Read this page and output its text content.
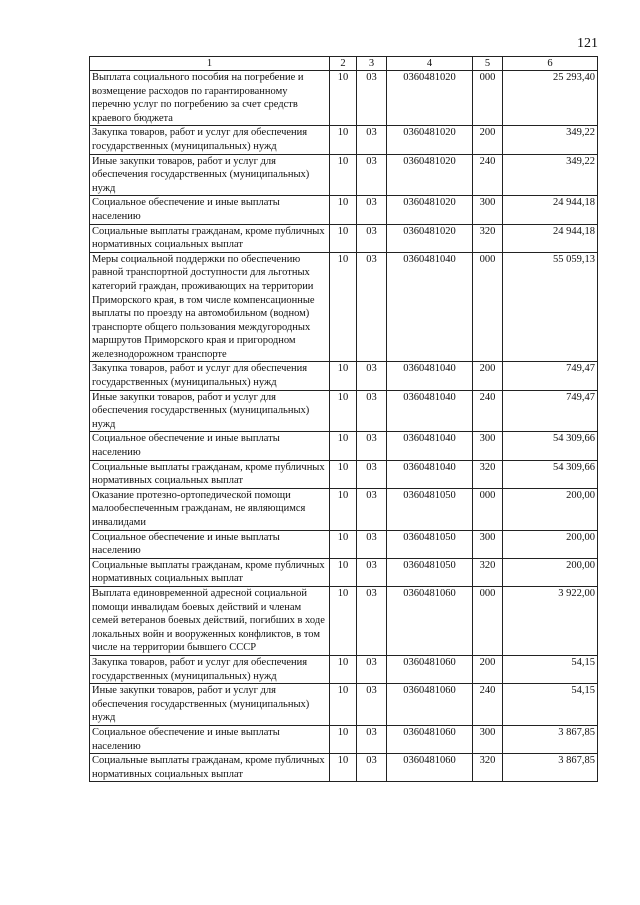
121
1	2	3	4	5	6
Выплата социального пособия на погребение и возмещение расходов по гарантированному перечню услуг по погребению за счет средств краевого бюджета	10	03	0360481020	000	25 293,40
Закупка товаров, работ и услуг для обеспечения государственных (муниципальных) нужд	10	03	0360481020	200	349,22
Иные закупки товаров, работ и услуг для обеспечения государственных (муниципальных) нужд	10	03	0360481020	240	349,22
Социальное обеспечение и иные выплаты населению	10	03	0360481020	300	24 944,18
Социальные выплаты гражданам, кроме публичных нормативных социальных выплат	10	03	0360481020	320	24 944,18
Меры социальной поддержки по обеспечению равной транспортной доступности для льготных категорий граждан, проживающих на территории Приморского края, в том числе компенсационные выплаты по проезду на автомобильном (водном) транспорте общего пользования междугородных маршрутов Приморского края и пригородном железнодорожном транспорте	10	03	0360481040	000	55 059,13
Закупка товаров, работ и услуг для обеспечения государственных (муниципальных) нужд	10	03	0360481040	200	749,47
Иные закупки товаров, работ и услуг для обеспечения государственных (муниципальных) нужд	10	03	0360481040	240	749,47
Социальное обеспечение и иные выплаты населению	10	03	0360481040	300	54 309,66
Социальные выплаты гражданам, кроме публичных нормативных социальных выплат	10	03	0360481040	320	54 309,66
Оказание протезно-ортопедической помощи малообеспеченным гражданам, не являющимся инвалидами	10	03	0360481050	000	200,00
Социальное обеспечение и иные выплаты населению	10	03	0360481050	300	200,00
Социальные выплаты гражданам, кроме публичных нормативных социальных выплат	10	03	0360481050	320	200,00
Выплата единовременной адресной социальной помощи инвалидам боевых действий и членам семей ветеранов боевых действий, погибших в ходе локальных войн и вооруженных конфликтов, в том числе на территории бывшего СССР	10	03	0360481060	000	3 922,00
Закупка товаров, работ и услуг для обеспечения государственных (муниципальных) нужд	10	03	0360481060	200	54,15
Иные закупки товаров, работ и услуг для обеспечения государственных (муниципальных) нужд	10	03	0360481060	240	54,15
Социальное обеспечение и иные выплаты населению	10	03	0360481060	300	3 867,85
Социальные выплаты гражданам, кроме публичных нормативных социальных выплат	10	03	0360481060	320	3 867,85
